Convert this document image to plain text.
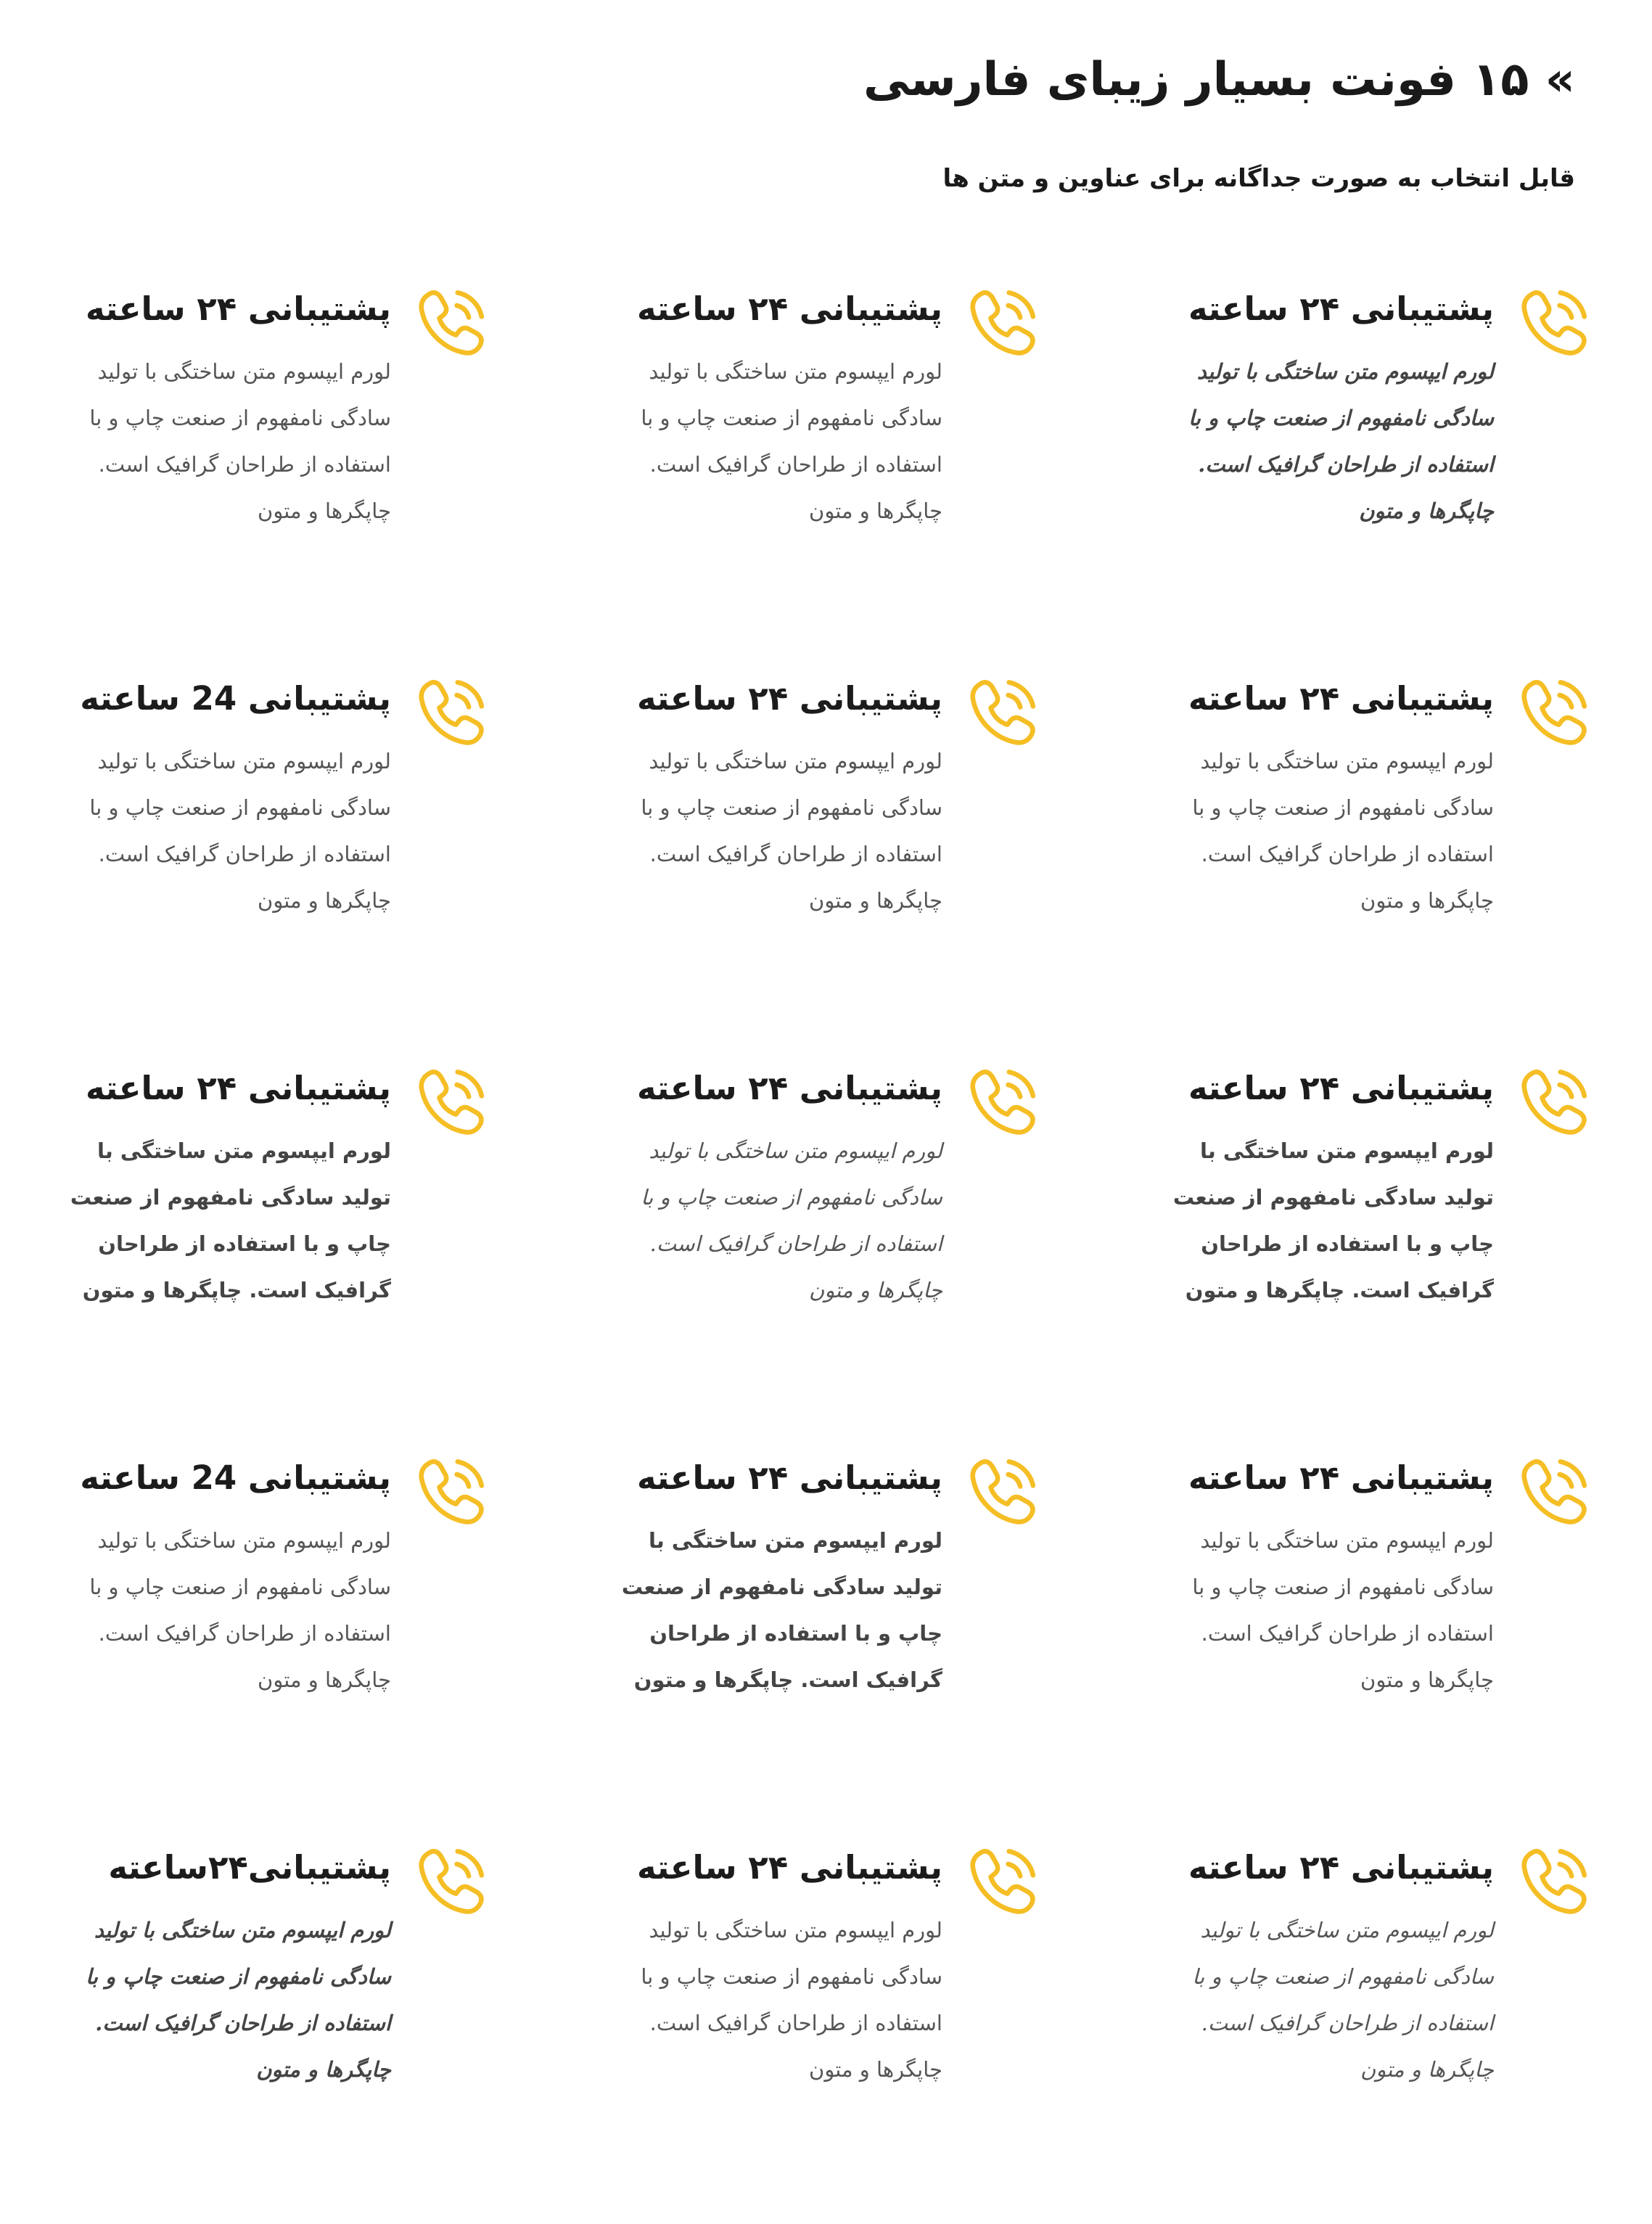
» ۱۵ فونت بسیار زیبای فارسی

قابل انتخاب به صورت جداگانه برای عناوین و متن ها

پشتیبانی ۲۴ ساعته

لورم ایپسوم متن ساختگی با تولید سادگی نامفهوم از صنعت چاپ و با استفاده از طراحان گرافیک است. چاپگرها و متون

پشتیبانی ۲۴ ساعته

لورم ایپسوم متن ساختگی با تولید سادگی نامفهوم از صنعت چاپ و با استفاده از طراحان گرافیک است. چاپگرها و متون

پشتیبانی ۲۴ ساعته

لورم ایپسوم متن ساختگی با تولید سادگی نامفهوم از صنعت چاپ و با استفاده از طراحان گرافیک است. چاپگرها و متون

پشتیبانی ۲۴ ساعته

لورم ایپسوم متن ساختگی با تولید سادگی نامفهوم از صنعت چاپ و با استفاده از طراحان گرافیک است. چاپگرها و متون

پشتیبانی ۲۴ ساعته

لورم ایپسوم متن ساختگی با تولید سادگی نامفهوم از صنعت چاپ و با استفاده از طراحان گرافیک است. چاپگرها و متون

پشتیبانی 24 ساعته

لورم ایپسوم متن ساختگی با تولید سادگی نامفهوم از صنعت چاپ و با استفاده از طراحان گرافیک است. چاپگرها و متون

پشتیبانی ۲۴ ساعته

لورم ایپسوم متن ساختگی با تولید سادگی نامفهوم از صنعت چاپ و با استفاده از طراحان گرافیک است. چاپگرها و متون

پشتیبانی ۲۴ ساعته

لورم ایپسوم متن ساختگی با تولید سادگی نامفهوم از صنعت چاپ و با استفاده از طراحان گرافیک است. چاپگرها و متون

پشتیبانی ۲۴ ساعته

لورم ایپسوم متن ساختگی با تولید سادگی نامفهوم از صنعت چاپ و با استفاده از طراحان گرافیک است. چاپگرها و متون

پشتیبانی ۲۴ ساعته

لورم ایپسوم متن ساختگی با تولید سادگی نامفهوم از صنعت چاپ و با استفاده از طراحان گرافیک است. چاپگرها و متون

پشتیبانی ۲۴ ساعته

لورم ایپسوم متن ساختگی با تولید سادگی نامفهوم از صنعت چاپ و با استفاده از طراحان گرافیک است. چاپگرها و متون

پشتیبانی 24 ساعته

لورم ایپسوم متن ساختگی با تولید سادگی نامفهوم از صنعت چاپ و با استفاده از طراحان گرافیک است. چاپگرها و متون

پشتیبانی ۲۴ ساعته

لورم ایپسوم متن ساختگی با تولید سادگی نامفهوم از صنعت چاپ و با استفاده از طراحان گرافیک است. چاپگرها و متون

پشتیبانی ۲۴ ساعته

لورم ایپسوم متن ساختگی با تولید سادگی نامفهوم از صنعت چاپ و با استفاده از طراحان گرافیک است. چاپگرها و متون

پشتیبانی۲۴ساعته

لورم ایپسوم متن ساختگی با تولید سادگی نامفهوم از صنعت چاپ و با استفاده از طراحان گرافیک است. چاپگرها و متون
